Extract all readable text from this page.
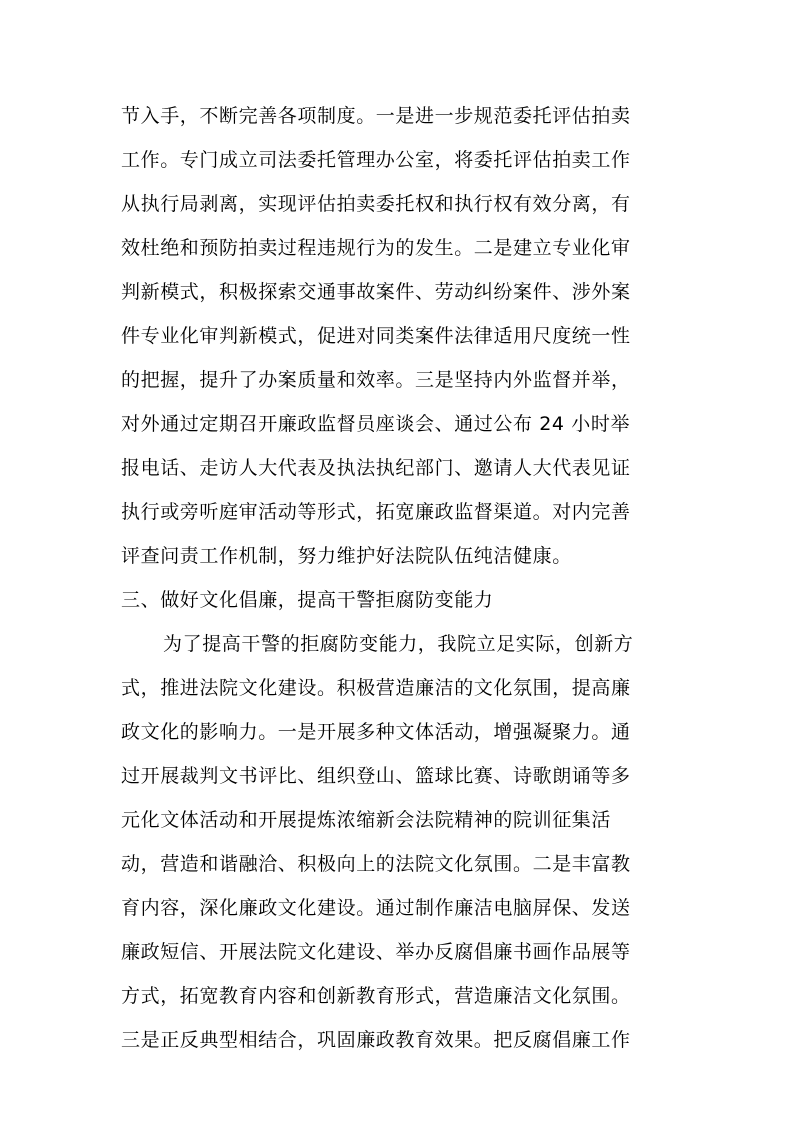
节入手，不断完善各项制度。一是进一步规范委托评估拍卖
工作。专门成立司法委托管理办公室，将委托评估拍卖工作
从执行局剥离，实现评估拍卖委托权和执行权有效分离，有
效杜绝和预防拍卖过程违规行为的发生。二是建立专业化审
判新模式，积极探索交通事故案件、劳动纠纷案件、涉外案
件专业化审判新模式，促进对同类案件法律适用尺度统一性
的把握，提升了办案质量和效率。三是坚持内外监督并举，
对外通过定期召开廉政监督员座谈会、通过公布 24 小时举
报电话、走访人大代表及执法执纪部门、邀请人大代表见证
执行或旁听庭审活动等形式，拓宽廉政监督渠道。对内完善
评查问责工作机制，努力维护好法院队伍纯洁健康。
三、做好文化倡廉，提高干警拒腐防变能力
为了提高干警的拒腐防变能力，我院立足实际，创新方
式，推进法院文化建设。积极营造廉洁的文化氛围，提高廉
政文化的影响力。一是开展多种文体活动，增强凝聚力。通
过开展裁判文书评比、组织登山、篮球比赛、诗歌朗诵等多
元化文体活动和开展提炼浓缩新会法院精神的院训征集活
动，营造和谐融洽、积极向上的法院文化氛围。二是丰富教
育内容，深化廉政文化建设。通过制作廉洁电脑屏保、发送
廉政短信、开展法院文化建设、举办反腐倡廉书画作品展等
方式，拓宽教育内容和创新教育形式，营造廉洁文化氛围。
三是正反典型相结合，巩固廉政教育效果。把反腐倡廉工作
